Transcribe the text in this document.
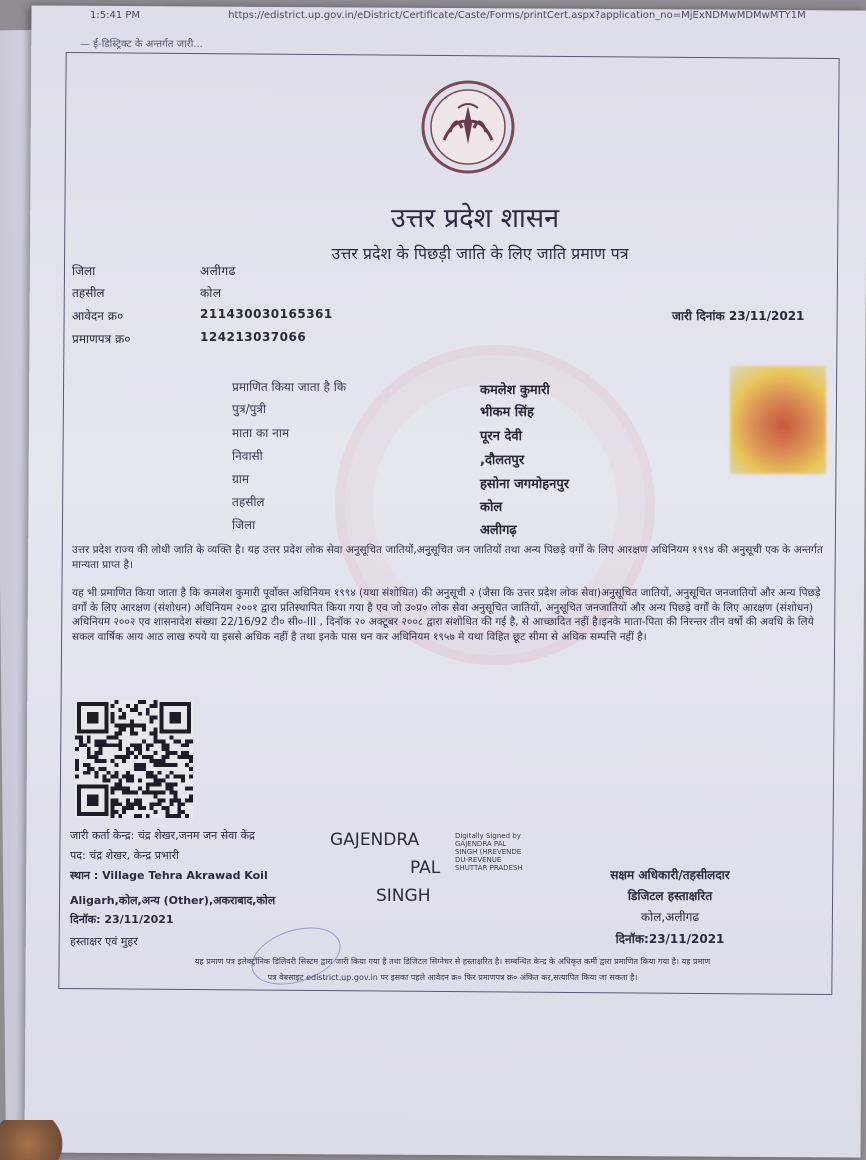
1:5:41 PM	https://edistrict.up.gov.in/eDistrict/Certificate/Caste/Forms/printCert.aspx?application_no=MjExNDMwMDMwMTY1M
— ई-डिस्ट्रिक्ट के अन्तर्गत जारी...
उत्तर प्रदेश शासन
उत्तर प्रदेश के पिछड़ी जाति के लिए जाति प्रमाण पत्र
जिला	अलीगढ
तहसील	कोल
आवेदन क्र०	211430030165361
प्रमाणपत्र क्र०	124213037066
जारी दिनांक 23/11/2021
प्रमाणित किया जाता है कि	कमलेश कुमारी
पुत्र/पुत्री	भीकम सिंह
माता का नाम	पूरन देवी
निवासी	,दौलतपुर
ग्राम	हसोना जगमोहनपुर
तहसील	कोल
जिला	अलीगढ़
उत्तर प्रदेश राज्य की लोधी जाति के व्यक्ति है। यह उत्तर प्रदेश लोक सेवा अनुसूचित जातियों,अनुसूचित जन जातियों तथा अन्य पिछड़े वर्गों के लिए आरक्षण अधिनियम १९९४ की अनुसूची एक के अन्तर्गत मान्यता प्राप्त है।
यह भी प्रमाणित किया जाता है कि कमलेश कुमारी पूर्वोक्त अधिनियम १९९४ (यथा संशोधित) की अनुसूची २ (जैसा कि उत्तर प्रदेश लोक सेवा)अनुसूचित जातियों, अनुसूचित जनजातियों और अन्य पिछड़े वर्गों के लिए आरक्षण (संशोधन) अधिनियम २००१ द्वारा प्रतिस्थापित किया गया है एव जो उ०प्र० लोक सेवा अनुसूचित जातियों, अनुसूचित जनजातियों और अन्य पिछड़े वर्गों के लिए आरक्षण (संशोधन) अधिनियम २००२ एव शासनादेश संख्या 22/16/92 टी० सी०-III , दिनॉक २० अक्टूबर २००८ द्वारा संशोधित की गई है, से आच्छादित नहीं है।इनके माता-पिता की निरन्तर तीन वर्षो की अवधि के लिये सकल वार्षिक आय आठ लाख रुपये या इससे अधिक नहीं है तथा इनके पास धन कर अधिनियम १९५७ मे यथा विहित छूट सीमा से अधिक सम्पत्ति नहीं है।
जारी कर्ता केन्द्र: चंद्र शेखर,जनम जन सेवा केंद्र
पद: चंद्र शेखर, केन्द्र प्रभारी
स्थान : Village Tehra Akrawad Koil
Aligarh,कोल,अन्य (Other),अकराबाद,कोल
दिनॉक: 23/11/2021
हस्ताक्षर एवं मुहर
GAJENDRA
PAL
SINGH
Digitally Signed by
GAJENDRA PAL
SINGH (HREVENDE
DU-REVENUE
SHUTTAR PRADESH	सक्षम अधिकारी/तहसीलदार
डिजिटल हस्ताक्षरित
कोल,अलीगढ
दिनॉक:23/11/2021
यह प्रमाण पत्र इलेक्ट्रॉनिक डिलिवरी सिस्टम द्वारा जारी किया गया है तथा डिजिटल सिग्नेचर से हस्ताक्षरित है। सम्बन्धित केन्द्र के अधिकृत कर्मी द्वारा प्रमाणित किया गया है। यह प्रमाण
पत्र वेबसाइट edistrict.up.gov.in पर इसका पहले आवेदन क्र० फिर प्रमाणपत्र क्र० अंकित कर,सत्यापित किया जा सकता है।
